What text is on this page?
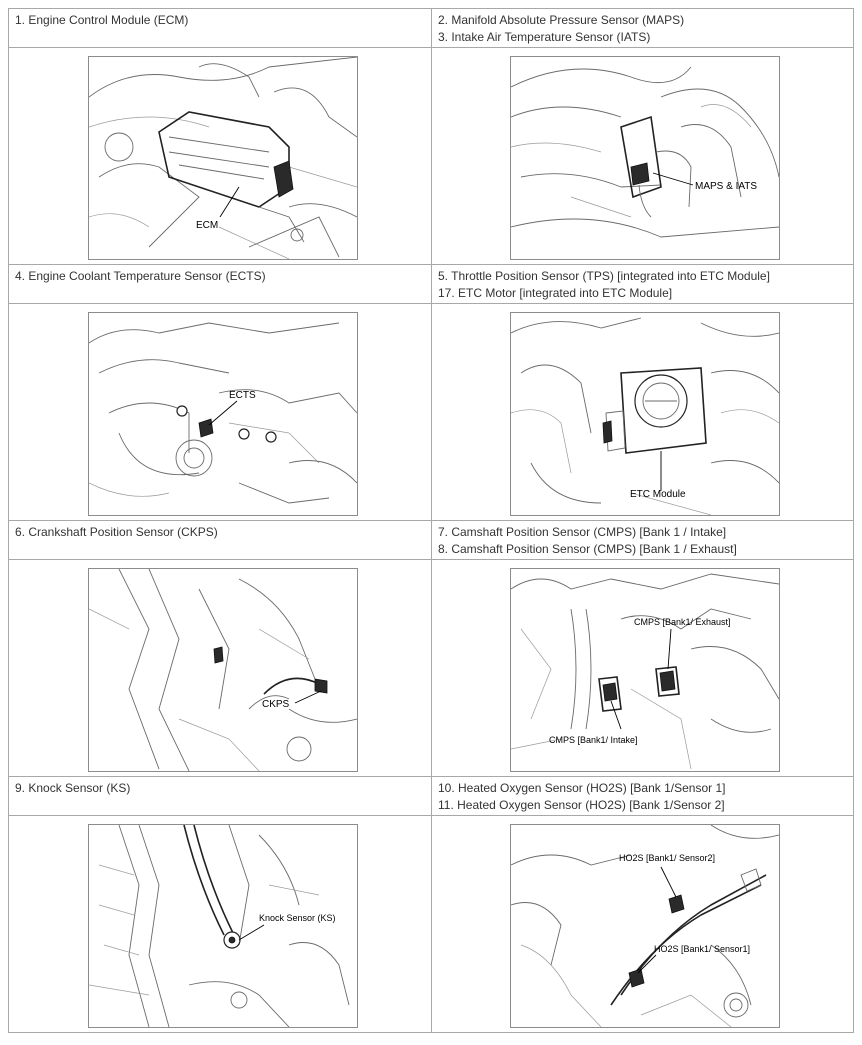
1. Engine Control Module (ECM)	2. Manifold Absolute Pressure Sensor (MAPS)
3. Intake Air Temperature Sensor (IATS)

ECM	MAPS & IATS

4. Engine Coolant Temperature Sensor (ECTS)	5. Throttle Position Sensor (TPS) [integrated into ETC Module]
17. ETC Motor [integrated into ETC Module]

ECTS	ETC Module

6. Crankshaft Position Sensor (CKPS)	7. Camshaft Position Sensor (CMPS) [Bank 1 / Intake]
8. Camshaft Position Sensor (CMPS) [Bank 1 / Exhaust]

CKPS	CMPS [Bank1/ Exhaust]
CMPS [Bank1/ Intake]

9. Knock Sensor (KS)	10. Heated Oxygen Sensor (HO2S) [Bank 1/Sensor 1]
11. Heated Oxygen Sensor (HO2S) [Bank 1/Sensor 2]

Knock Sensor (KS)	HO2S [Bank1/ Sensor2]
HO2S [Bank1/ Sensor1]
